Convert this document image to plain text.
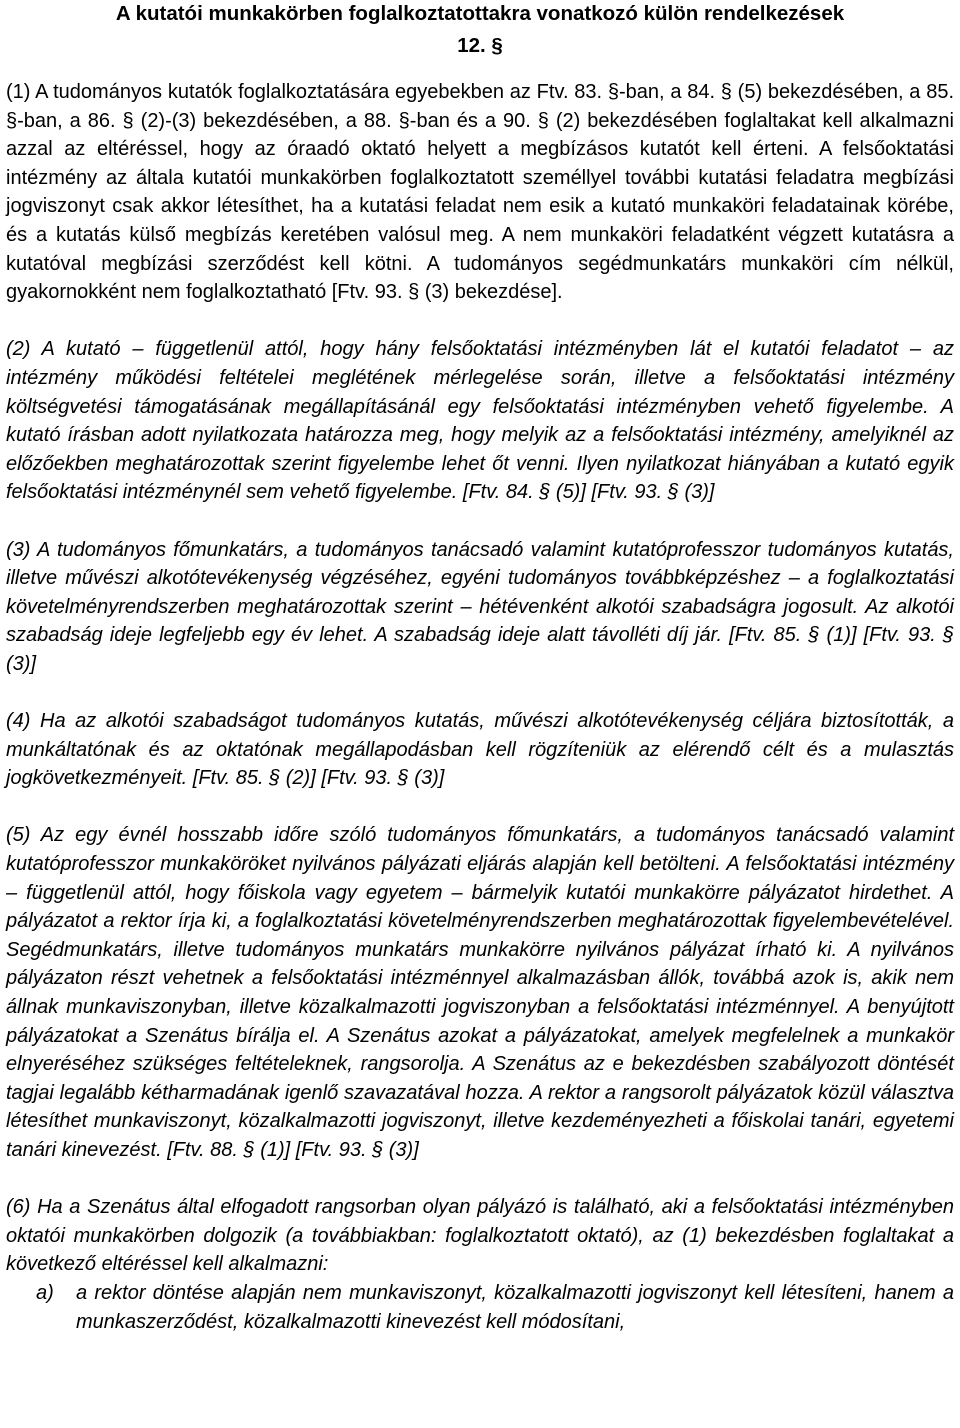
A kutatói munkakörben foglalkoztatottakra vonatkozó külön rendelkezések
12. §

(1) A tudományos kutatók foglalkoztatására egyebekben az Ftv. 83. §-ban, a 84. § (5) bekezdésében, a 85. §-ban, a 86. § (2)-(3) bekezdésében, a 88. §-ban és a 90. § (2) bekezdésében foglaltakat kell alkalmazni azzal az eltéréssel, hogy az óraadó oktató helyett a megbízásos kutatót kell érteni. A felsőoktatási intézmény az általa kutatói munkakörben foglalkoztatott személlyel további kutatási feladatra megbízási jogviszonyt csak akkor létesíthet, ha a kutatási feladat nem esik a kutató munkaköri feladatainak körébe, és a kutatás külső megbízás keretében valósul meg. A nem munkaköri feladatként végzett kutatásra a kutatóval megbízási szerződést kell kötni. A tudományos segédmunkatárs munkaköri cím nélkül, gyakornokként nem foglalkoztatható [Ftv. 93. § (3) bekezdése].

(2) A kutató – függetlenül attól, hogy hány felsőoktatási intézményben lát el kutatói feladatot – az intézmény működési feltételei meglétének mérlegelése során, illetve a felsőoktatási intézmény költségvetési támogatásának megállapításánál egy felsőoktatási intézményben vehető figyelembe. A kutató írásban adott nyilatkozata határozza meg, hogy melyik az a felsőoktatási intézmény, amelyiknél az előzőekben meghatározottak szerint figyelembe lehet őt venni. Ilyen nyilatkozat hiányában a kutató egyik felsőoktatási intézménynél sem vehető figyelembe. [Ftv. 84. § (5)] [Ftv. 93. § (3)]

(3) A tudományos főmunkatárs, a tudományos tanácsadó valamint kutatóprofesszor tudományos kutatás, illetve művészi alkotótevékenység végzéséhez, egyéni tudományos továbbképzéshez – a foglalkoztatási követelményrendszerben meghatározottak szerint – hétévenként alkotói szabadságra jogosult. Az alkotói szabadság ideje legfeljebb egy év lehet. A szabadság ideje alatt távolléti díj jár. [Ftv. 85. § (1)] [Ftv. 93. § (3)]

(4) Ha az alkotói szabadságot tudományos kutatás, művészi alkotótevékenység céljára biztosították, a munkáltatónak és az oktatónak megállapodásban kell rögzíteniük az elérendő célt és a mulasztás jogkövetkezményeit. [Ftv. 85. § (2)] [Ftv. 93. § (3)]

(5) Az egy évnél hosszabb időre szóló tudományos főmunkatárs, a tudományos tanácsadó valamint kutatóprofesszor munkaköröket nyilvános pályázati eljárás alapján kell betölteni. A felsőoktatási intézmény – függetlenül attól, hogy főiskola vagy egyetem – bármelyik kutatói munkakörre pályázatot hirdethet. A pályázatot a rektor írja ki, a foglalkoztatási követelményrendszerben meghatározottak figyelembevételével. Segédmunkatárs, illetve tudományos munkatárs munkakörre nyilvános pályázat írható ki. A nyilvános pályázaton részt vehetnek a felsőoktatási intézménnyel alkalmazásban állók, továbbá azok is, akik nem állnak munkaviszonyban, illetve közalkalmazotti jogviszonyban a felsőoktatási intézménnyel. A benyújtott pályázatokat a Szenátus bírálja el. A Szenátus azokat a pályázatokat, amelyek megfelelnek a munkakör elnyeréséhez szükséges feltételeknek, rangsorolja. A Szenátus az e bekezdésben szabályozott döntését tagjai legalább kétharmadának igenlő szavazatával hozza. A rektor a rangsorolt pályázatok közül választva létesíthet munkaviszonyt, közalkalmazotti jogviszonyt, illetve kezdeményezheti a főiskolai tanári, egyetemi tanári kinevezést. [Ftv. 88. § (1)] [Ftv. 93. § (3)]

(6) Ha a Szenátus által elfogadott rangsorban olyan pályázó is található, aki a felsőoktatási intézményben oktatói munkakörben dolgozik (a továbbiakban: foglalkoztatott oktató), az (1) bekezdésben foglaltakat a következő eltéréssel kell alkalmazni:

a)	a rektor döntése alapján nem munkaviszonyt, közalkalmazotti jogviszonyt kell létesíteni, hanem a munkaszerződést, közalkalmazotti kinevezést kell módosítani,
